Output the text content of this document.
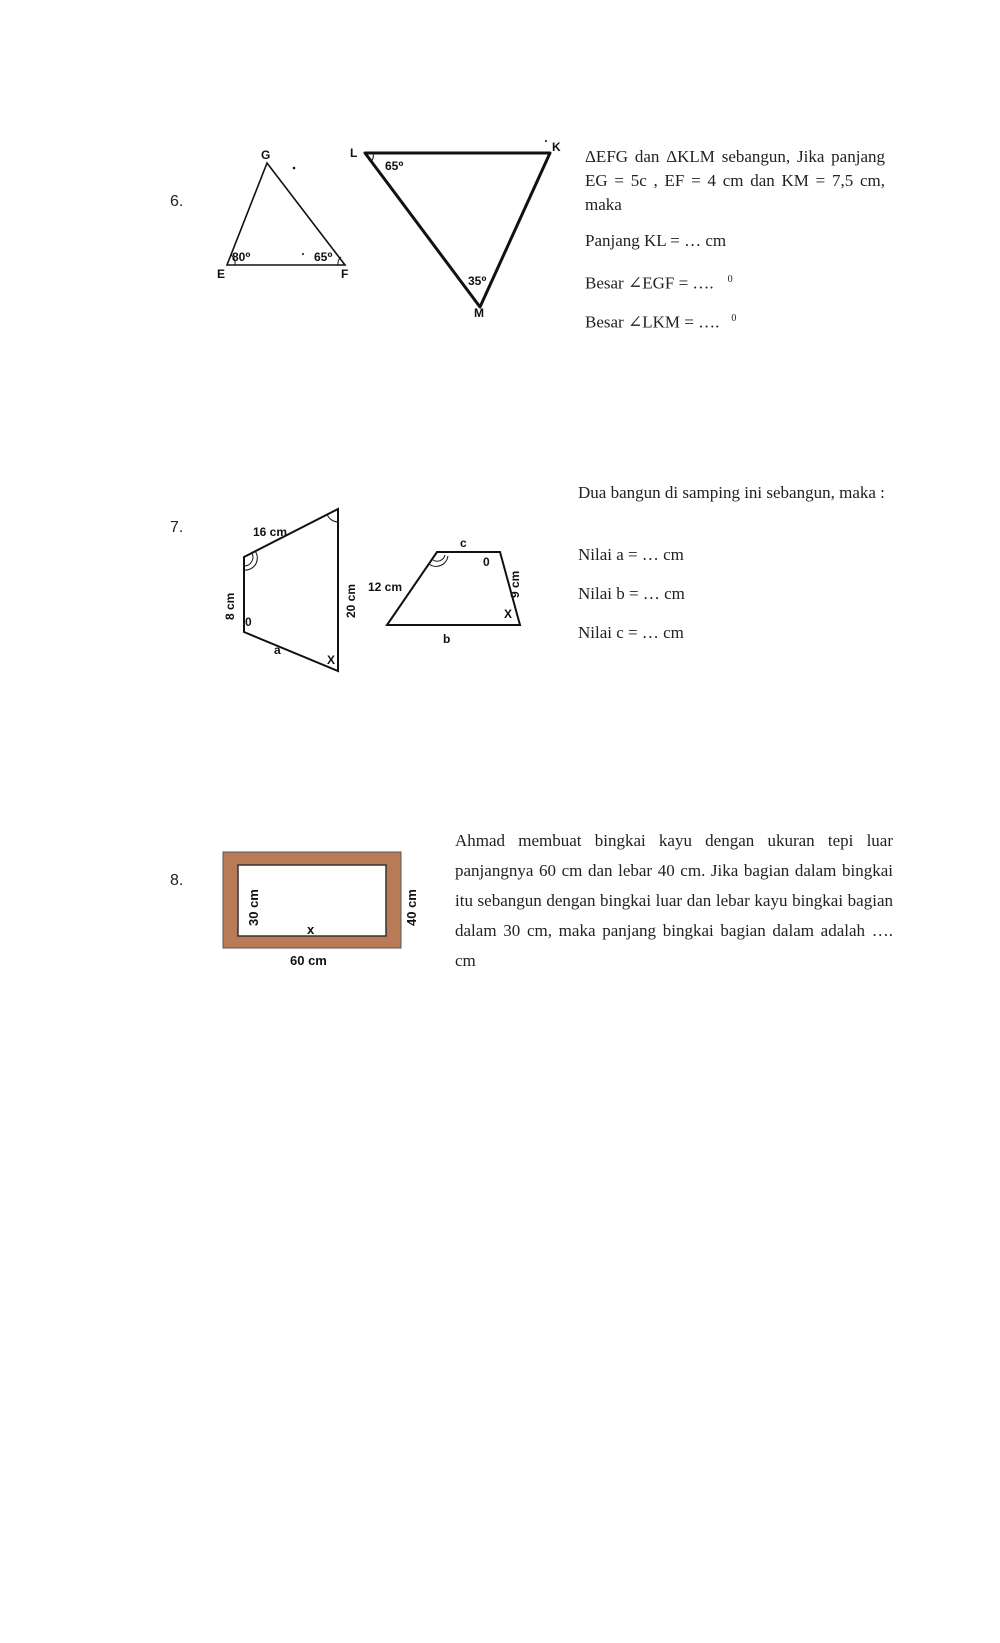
6.
G
E	F
80⁰	65⁰
L	K
M
65⁰
35⁰
ΔEFG dan ΔKLM sebangun, Jika panjang EG = 5c , EF = 4 cm dan KM = 7,5 cm, maka
Panjang KL = … cm
Besar ∠EGF = …. $^0$
Besar ∠LKM = …. $^0$
7.	16 cm
8 cm	20 cm
a
0
X
c
12 cm	9 cm
b
0
X
Dua bangun di samping ini sebangun, maka :
Nilai a = … cm
Nilai b = … cm
Nilai c = … cm
8.
30 cm	40 cm
x
60 cm
Ahmad membuat bingkai kayu dengan ukuran tepi luar panjangnya 60 cm dan lebar 40 cm. Jika bagian dalam bingkai itu sebangun dengan bingkai luar dan lebar kayu bingkai bagian dalam 30 cm, maka panjang bingkai bagian dalam adalah …. cm
